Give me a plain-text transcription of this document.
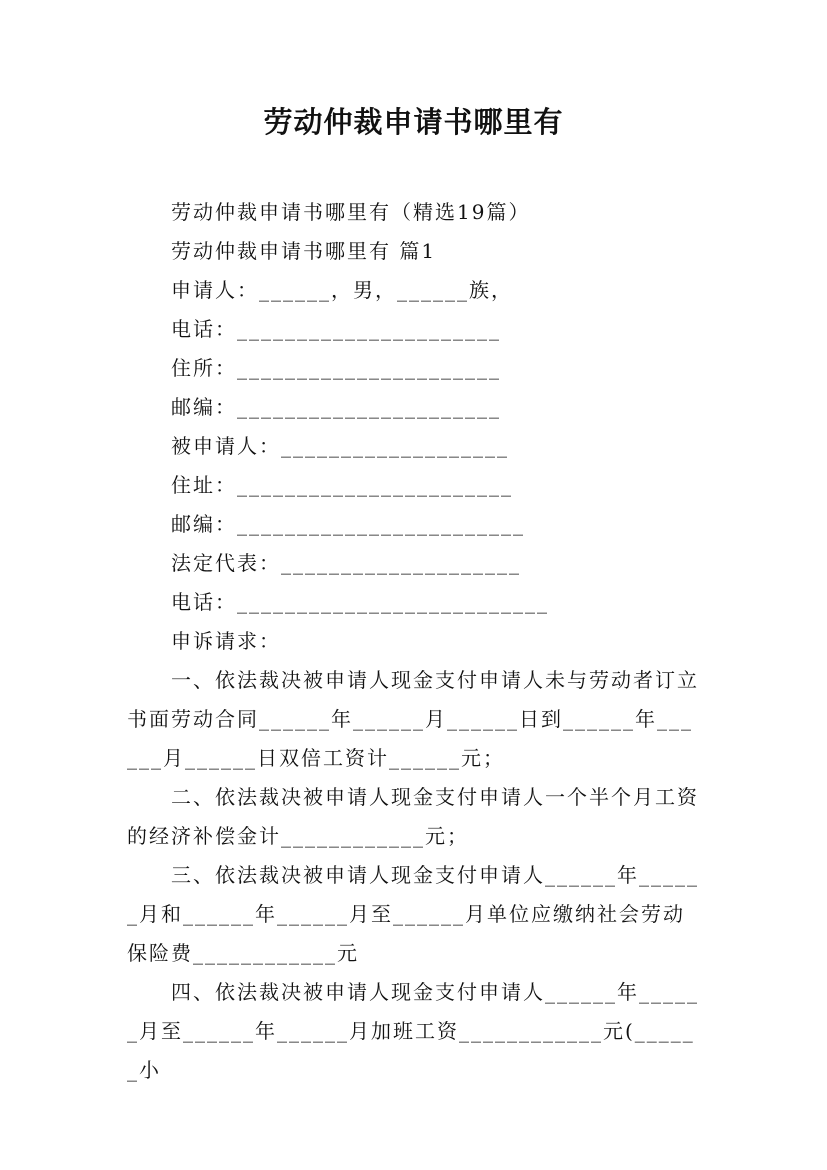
劳动仲裁申请书哪里有
劳动仲裁申请书哪里有（精选19篇）
劳动仲裁申请书哪里有 篇1
申请人：______，男，______族，
电话：______________________
住所：______________________
邮编：______________________
被申请人：___________________
住址：_______________________
邮编：________________________
法定代表：____________________
电话：__________________________
申诉请求：

一、依法裁决被申请人现金支付申请人未与劳动者订立书面劳动合同______年______月______日到______年______月______日双倍工资计______元；

二、依法裁决被申请人现金支付申请人一个半个月工资的经济补偿金计____________元；

三、依法裁决被申请人现金支付申请人______年______月和______年______月至______月单位应缴纳社会劳动保险费____________元

四、依法裁决被申请人现金支付申请人______年______月至______年______月加班工资____________元(______小
